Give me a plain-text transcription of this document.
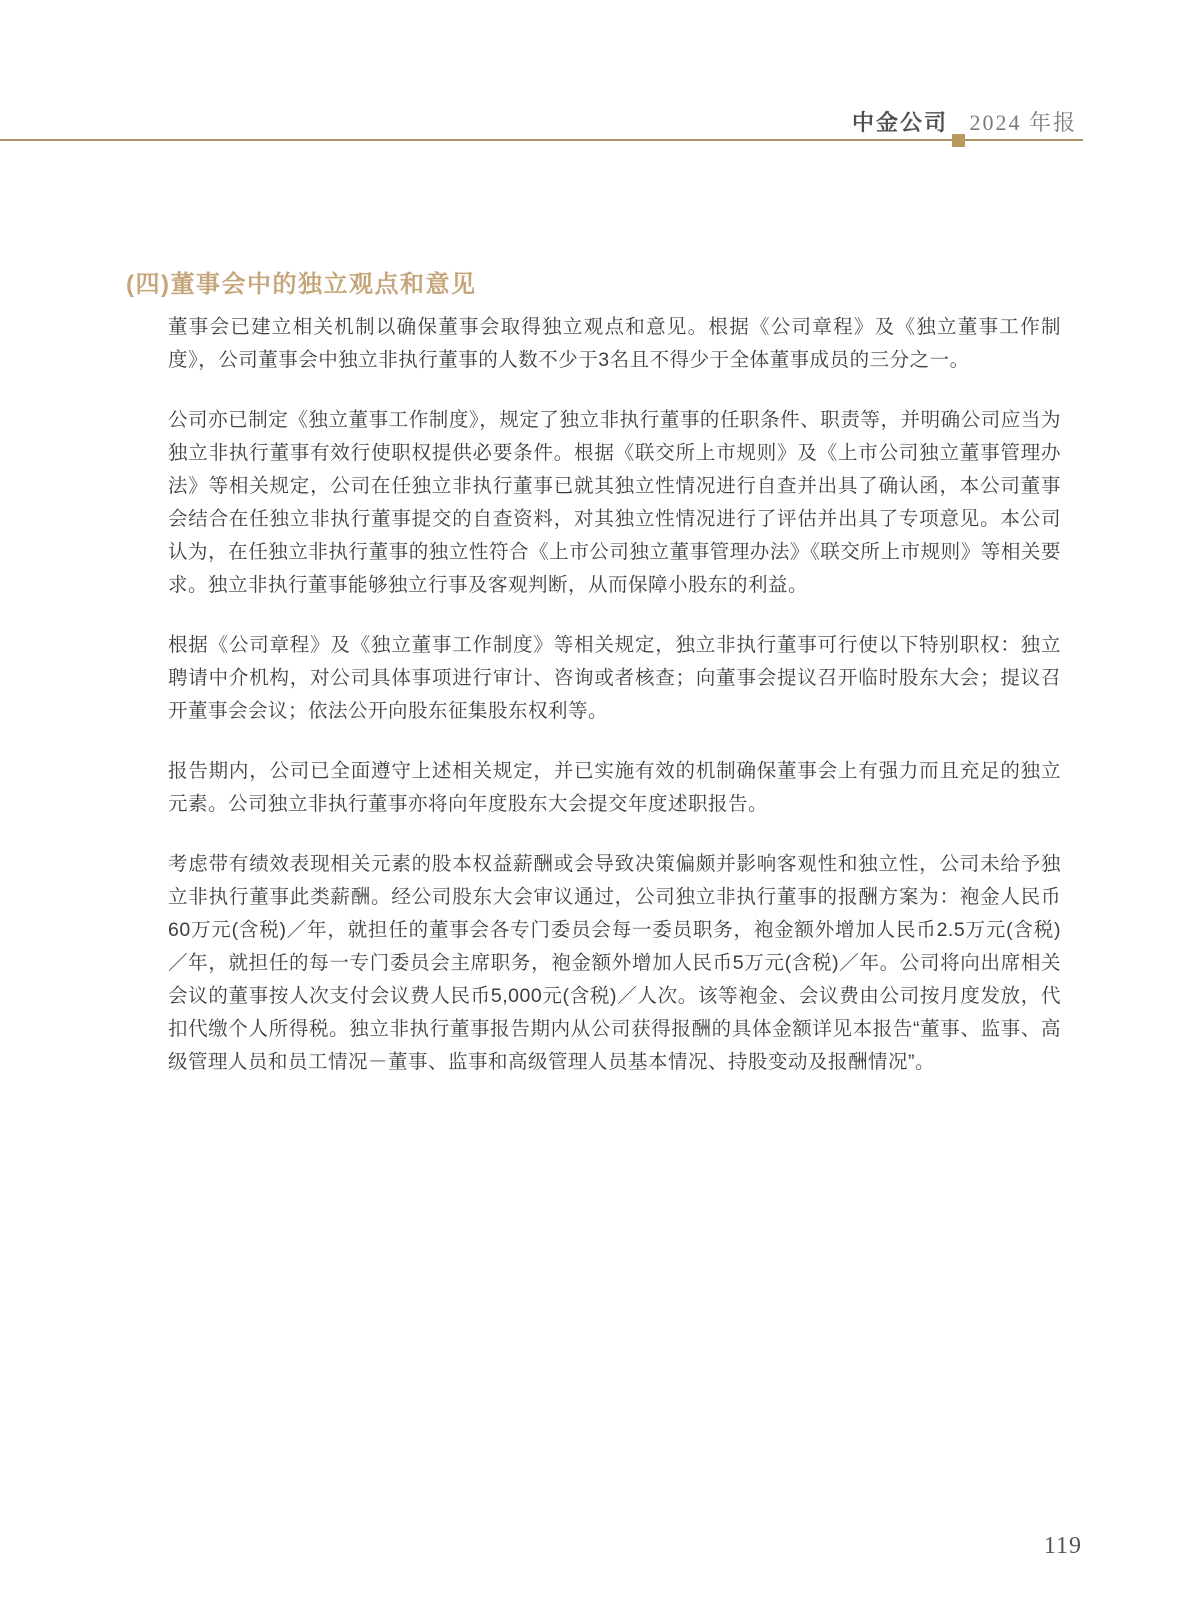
中金公司 2024 年报
(四)董事会中的独立观点和意见

董事会已建立相关机制以确保董事会取得独立观点和意见。根据《公司章程》及《独立董事工作制度》，公司董事会中独立非执行董事的人数不少于3名且不得少于全体董事成员的三分之一。

公司亦已制定《独立董事工作制度》，规定了独立非执行董事的任职条件、职责等，并明确公司应当为独立非执行董事有效行使职权提供必要条件。根据《联交所上市规则》及《上市公司独立董事管理办法》等相关规定，公司在任独立非执行董事已就其独立性情况进行自查并出具了确认函，本公司董事会结合在任独立非执行董事提交的自查资料，对其独立性情况进行了评估并出具了专项意见。本公司认为，在任独立非执行董事的独立性符合《上市公司独立董事管理办法》《联交所上市规则》等相关要求。独立非执行董事能够独立行事及客观判断，从而保障小股东的利益。

根据《公司章程》及《独立董事工作制度》等相关规定，独立非执行董事可行使以下特别职权：独立聘请中介机构，对公司具体事项进行审计、咨询或者核查；向董事会提议召开临时股东大会；提议召开董事会会议；依法公开向股东征集股东权利等。

报告期内，公司已全面遵守上述相关规定，并已实施有效的机制确保董事会上有强力而且充足的独立元素。公司独立非执行董事亦将向年度股东大会提交年度述职报告。

考虑带有绩效表现相关元素的股本权益薪酬或会导致决策偏颇并影响客观性和独立性，公司未给予独立非执行董事此类薪酬。经公司股东大会审议通过，公司独立非执行董事的报酬方案为：袍金人民币60万元(含税)／年，就担任的董事会各专门委员会每一委员职务，袍金额外增加人民币2.5万元(含税)／年，就担任的每一专门委员会主席职务，袍金额外增加人民币5万元(含税)／年。公司将向出席相关会议的董事按人次支付会议费人民币5,000元(含税)／人次。该等袍金、会议费由公司按月度发放，代扣代缴个人所得税。独立非执行董事报告期内从公司获得报酬的具体金额详见本报告“董事、监事、高级管理人员和员工情况－董事、监事和高级管理人员基本情况、持股变动及报酬情况”。

119
